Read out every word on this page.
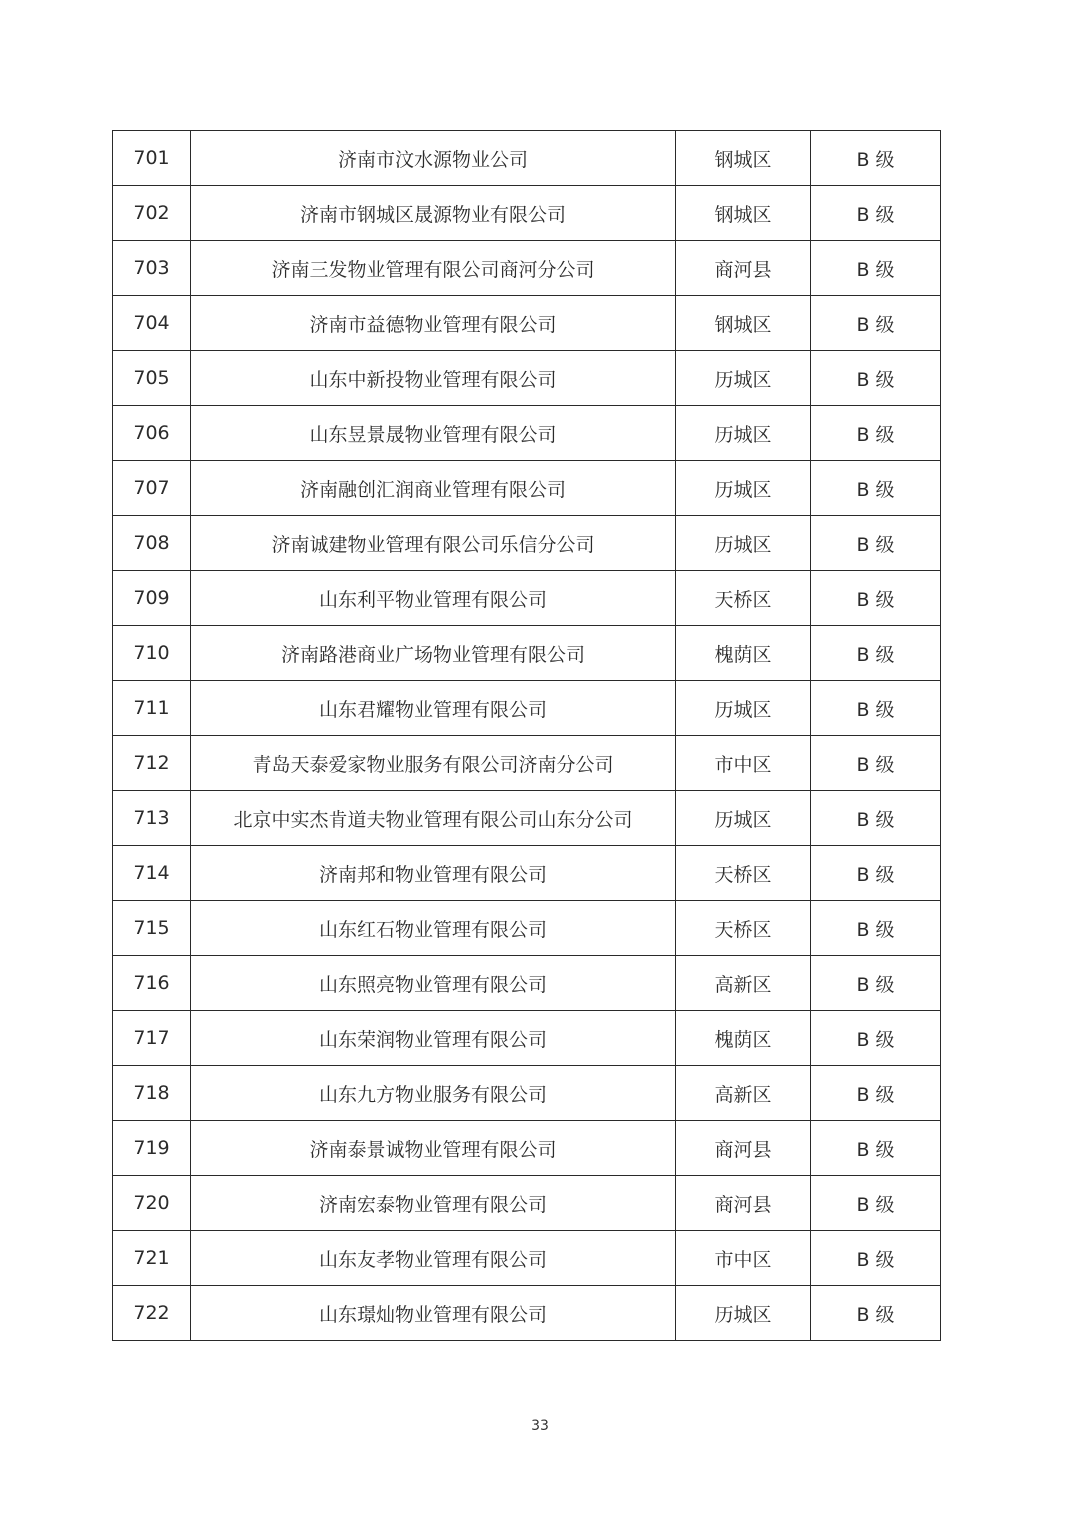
701	济南市汶水源物业公司	钢城区	B 级
702	济南市钢城区晟源物业有限公司	钢城区	B 级
703	济南三发物业管理有限公司商河分公司	商河县	B 级
704	济南市益德物业管理有限公司	钢城区	B 级
705	山东中新投物业管理有限公司	历城区	B 级
706	山东昱景晟物业管理有限公司	历城区	B 级
707	济南融创汇润商业管理有限公司	历城区	B 级
708	济南诚建物业管理有限公司乐信分公司	历城区	B 级
709	山东利平物业管理有限公司	天桥区	B 级
710	济南路港商业广场物业管理有限公司	槐荫区	B 级
711	山东君耀物业管理有限公司	历城区	B 级
712	青岛天泰爱家物业服务有限公司济南分公司	市中区	B 级
713	北京中实杰肯道夫物业管理有限公司山东分公司	历城区	B 级
714	济南邦和物业管理有限公司	天桥区	B 级
715	山东红石物业管理有限公司	天桥区	B 级
716	山东照亮物业管理有限公司	高新区	B 级
717	山东荣润物业管理有限公司	槐荫区	B 级
718	山东九方物业服务有限公司	高新区	B 级
719	济南泰景诚物业管理有限公司	商河县	B 级
720	济南宏泰物业管理有限公司	商河县	B 级
721	山东友孝物业管理有限公司	市中区	B 级
722	山东璟灿物业管理有限公司	历城区	B 级
33
